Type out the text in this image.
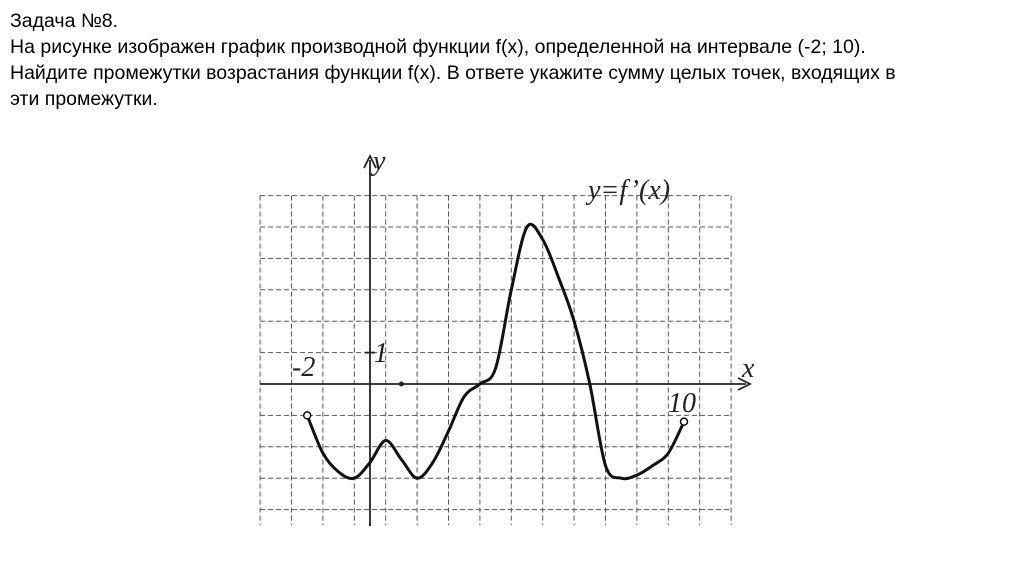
Задача №8.
На рисунке изображен график производной функции f(x), определенной на интервале (-2; 10).
Найдите промежутки возрастания функции f(x). В ответе укажите сумму целых точек, входящих в
эти промежутки.
y
x
y=f’(x)
-2
10
1
